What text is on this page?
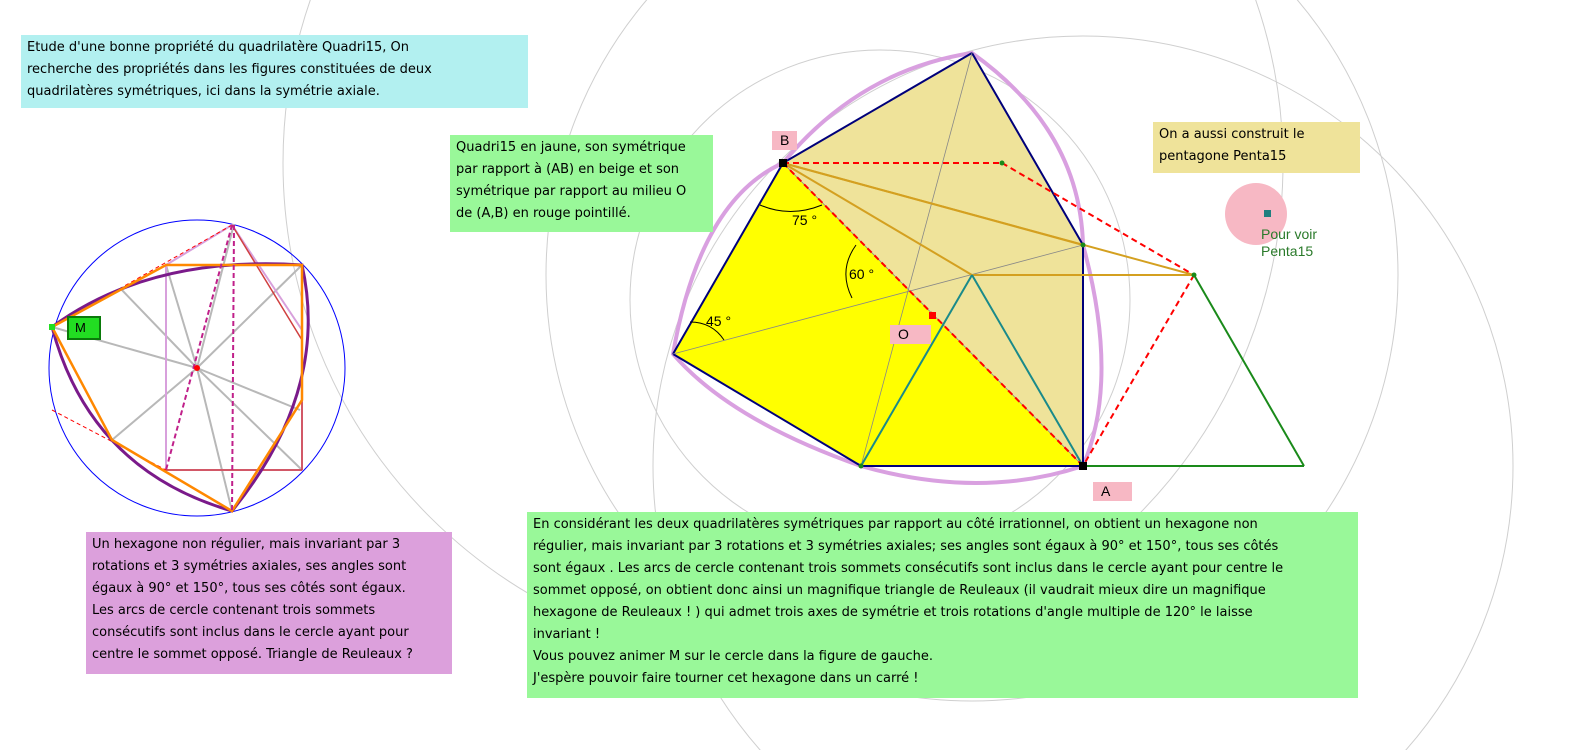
Etude d'une bonne propriété du quadrilatère Quadri15, On
recherche des propriétés dans les figures constituées de deux
quadrilatères symétriques, ici dans la symétrie axiale.
Quadri15 en jaune, son symétrique
par rapport à (AB) en beige et son
symétrique par rapport au milieu O
de (A,B) en rouge pointillé.
On a aussi construit le
pentagone Penta15
Un hexagone non régulier, mais invariant par 3
rotations et 3 symétries axiales, ses angles sont
égaux à 90° et 150°, tous ses côtés sont égaux.
Les arcs de cercle contenant trois sommets
consécutifs sont inclus dans le cercle ayant pour
centre le sommet opposé. Triangle de Reuleaux ?
En considérant les deux quadrilatères symétriques par rapport au côté irrationnel, on obtient un hexagone non
régulier, mais invariant par 3 rotations et 3 symétries axiales; ses angles sont égaux à 90° et 150°, tous ses côtés
sont égaux . Les arcs de cercle contenant trois sommets consécutifs sont inclus dans le cercle ayant pour centre le
sommet opposé, on obtient donc ainsi un magnifique triangle de Reuleaux (il vaudrait mieux dire un magnifique
hexagone de Reuleaux ! ) qui admet trois axes de symétrie et trois rotations d'angle multiple de 120° le laisse
invariant !
Vous pouvez animer M sur le cercle dans la figure de gauche.
J'espère pouvoir faire tourner cet hexagone dans un carré !
B
A
O
M
75 °
60 °
45 °
Pour voir
Penta15
